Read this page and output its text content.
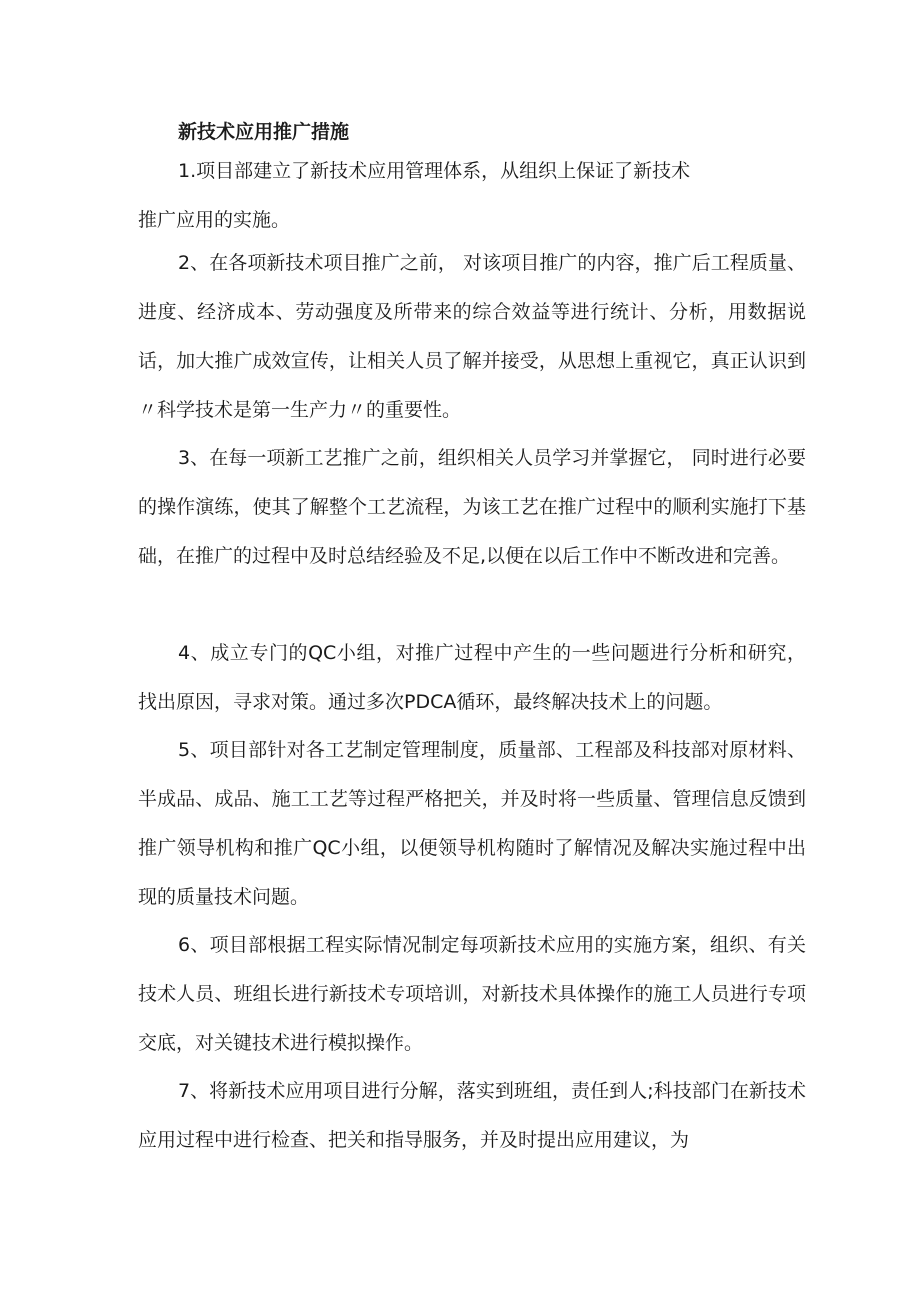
新技术应用推广措施

1.项目部建立了新技术应用管理体系，从组织上保证了新技术
推广应用的实施。

2、在各项新技术项目推广之前， 对该项目推广的内容，推广后工程质量、进度、经济成本、劳动强度及所带来的综合效益等进行统计、分析，用数据说话，加大推广成效宣传，让相关人员了解并接受，从思想上重视它，真正认识到〃科学技术是第一生产力〃的重要性。

3、在每一项新工艺推广之前，组织相关人员学习并掌握它， 同时进行必要的操作演练，使其了解整个工艺流程，为该工艺在推广过程中的顺利实施打下基础，在推广的过程中及时总结经验及不足,以便在以后工作中不断改进和完善。

4、成立专门的QC小组，对推广过程中产生的一些问题进行分析和研究，找出原因，寻求对策。通过多次PDCA循环，最终解决技术上的问题。

5、项目部针对各工艺制定管理制度，质量部、工程部及科技部对原材料、半成品、成品、施工工艺等过程严格把关，并及时将一些质量、管理信息反馈到推广领导机构和推广QC小组，以便领导机构随时了解情况及解决实施过程中出现的质量技术问题。

6、项目部根据工程实际情况制定每项新技术应用的实施方案，组织、有关技术人员、班组长进行新技术专项培训，对新技术具体操作的施工人员进行专项交底，对关键技术进行模拟操作。

7、将新技术应用项目进行分解，落实到班组，责任到人;科技部门在新技术应用过程中进行检查、把关和指导服务，并及时提出应用建议，为
